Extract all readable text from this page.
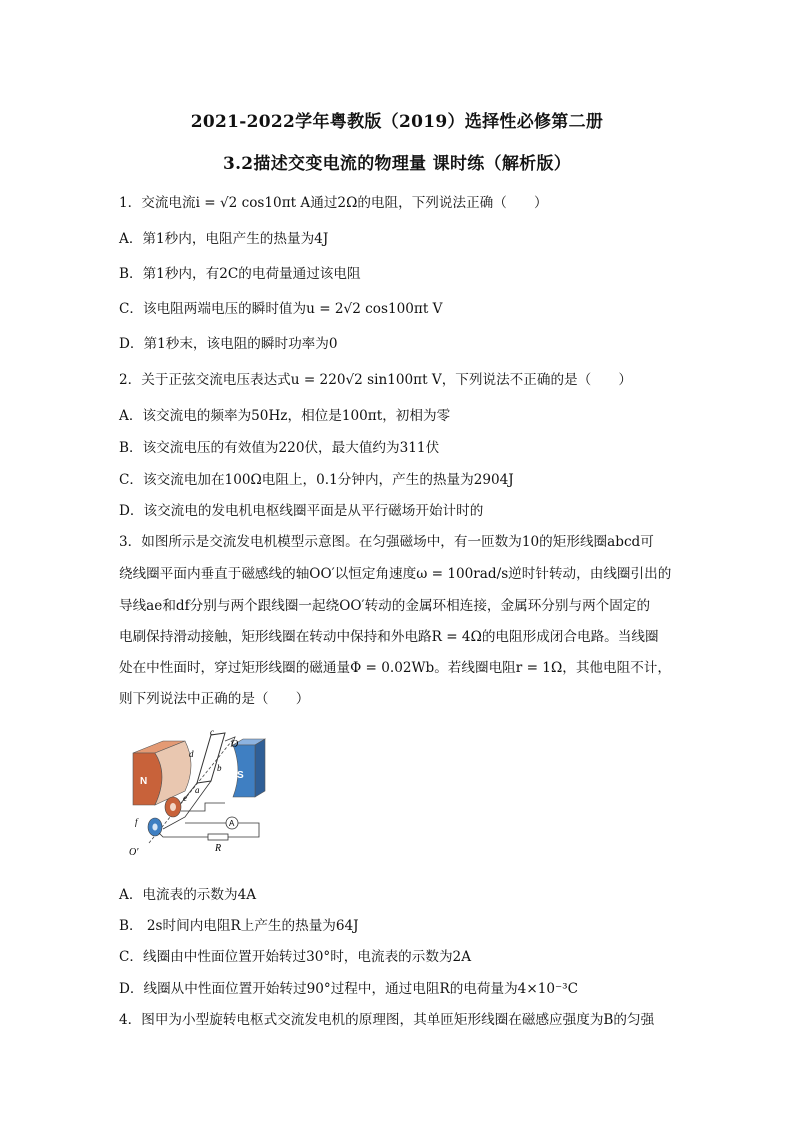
2021-2022学年粤教版（2019）选择性必修第二册
3.2描述交变电流的物理量 课时练（解析版）
1．交流电流i = √2 cos10πt A通过2Ω的电阻，下列说法正确（　　）
A．第1秒内，电阻产生的热量为4J
B．第1秒内，有2C的电荷量通过该电阻
C．该电阻两端电压的瞬时值为u = 2√2 cos100πt V
D．第1秒末，该电阻的瞬时功率为0
2．关于正弦交流电压表达式u = 220√2 sin100πt V，下列说法不正确的是（　　）
A．该交流电的频率为50Hz，相位是100πt，初相为零
B．该交流电压的有效值为220伏，最大值约为311伏
C．该交流电加在100Ω电阻上，0.1分钟内，产生的热量为2904J
D．该交流电的发电机电枢线圈平面是从平行磁场开始计时的
3．如图所示是交流发电机模型示意图。在匀强磁场中，有一匝数为10的矩形线圈abcd可
绕线圈平面内垂直于磁感线的轴OO′以恒定角速度ω = 100rad/s逆时针转动，由线圈引出的
导线ae和df分别与两个跟线圈一起绕OO′转动的金属环相连接，金属环分别与两个固定的
电刷保持滑动接触，矩形线圈在转动中保持和外电路R = 4Ω的电阻形成闭合电路。当线圈
处在中性面时，穿过矩形线圈的磁通量Φ = 0.02Wb。若线圈电阻r = 1Ω，其他电阻不计，
则下列说法中正确的是（　　）
N
S
A
c
d
b
a
e
f
O
O′	R
A．电流表的示数为4A
B． 2s时间内电阻R上产生的热量为64J
C．线圈由中性面位置开始转过30°时，电流表的示数为2A
D．线圈从中性面位置开始转过90°过程中，通过电阻R的电荷量为4×10⁻³C
4．图甲为小型旋转电枢式交流发电机的原理图，其单匝矩形线圈在磁感应强度为B的匀强
